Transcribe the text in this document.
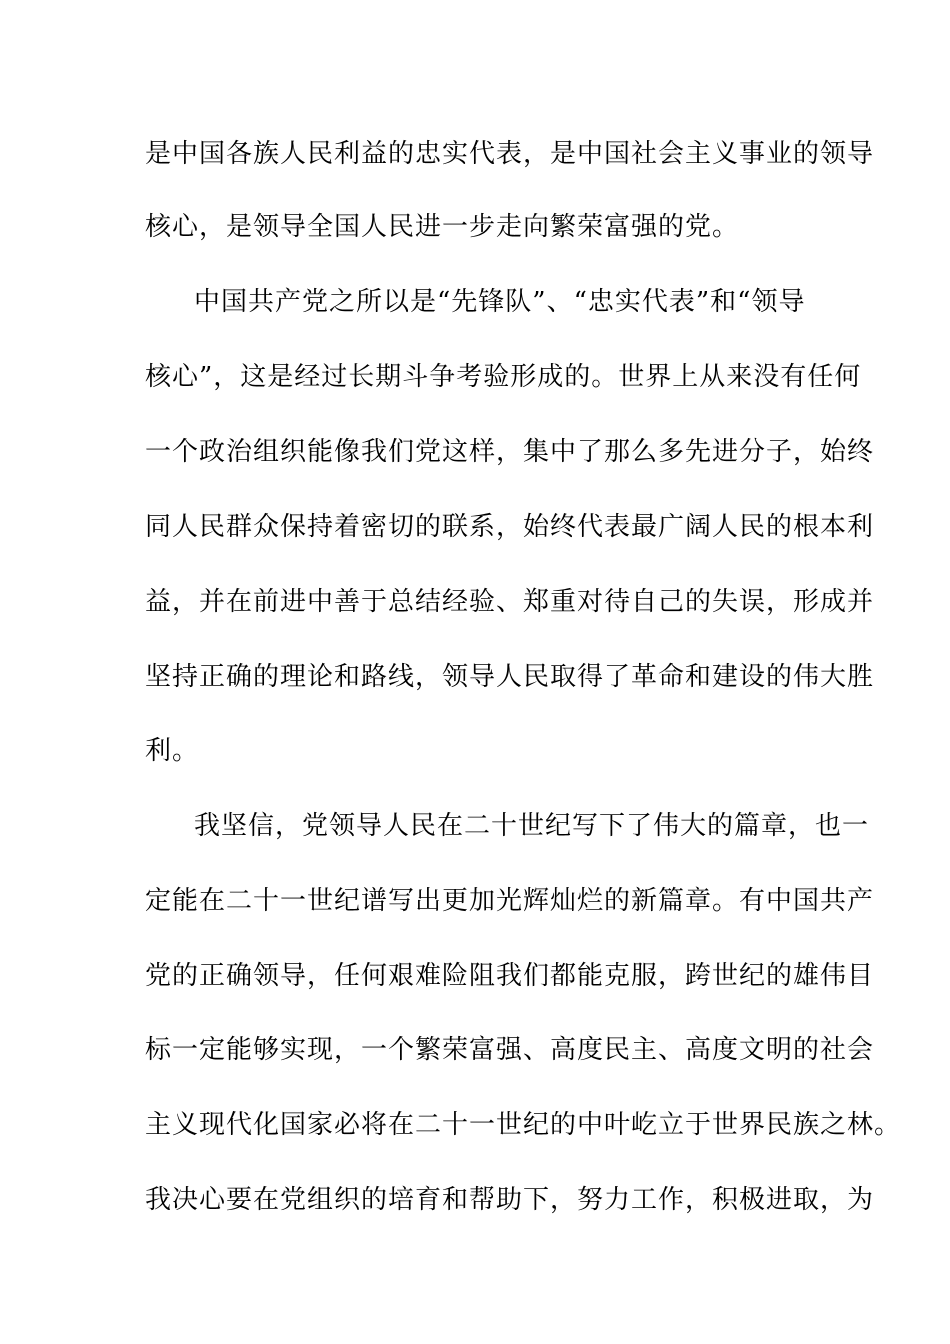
是中国各族人民利益的忠实代表，是中国社会主义事业的领导
核心，是领导全国人民进一步走向繁荣富强的党。
中国共产党之所以是“先锋队”、“忠实代表”和“领导
核心”，这是经过长期斗争考验形成的。世界上从来没有任何
一个政治组织能像我们党这样，集中了那么多先进分子，始终
同人民群众保持着密切的联系，始终代表最广阔人民的根本利
益，并在前进中善于总结经验、郑重对待自己的失误，形成并
坚持正确的理论和路线，领导人民取得了革命和建设的伟大胜
利。
我坚信，党领导人民在二十世纪写下了伟大的篇章，也一
定能在二十一世纪谱写出更加光辉灿烂的新篇章。有中国共产
党的正确领导，任何艰难险阻我们都能克服，跨世纪的雄伟目
标一定能够实现，一个繁荣富强、高度民主、高度文明的社会
主义现代化国家必将在二十一世纪的中叶屹立于世界民族之林。
我决心要在党组织的培育和帮助下，努力工作，积极进取，为
